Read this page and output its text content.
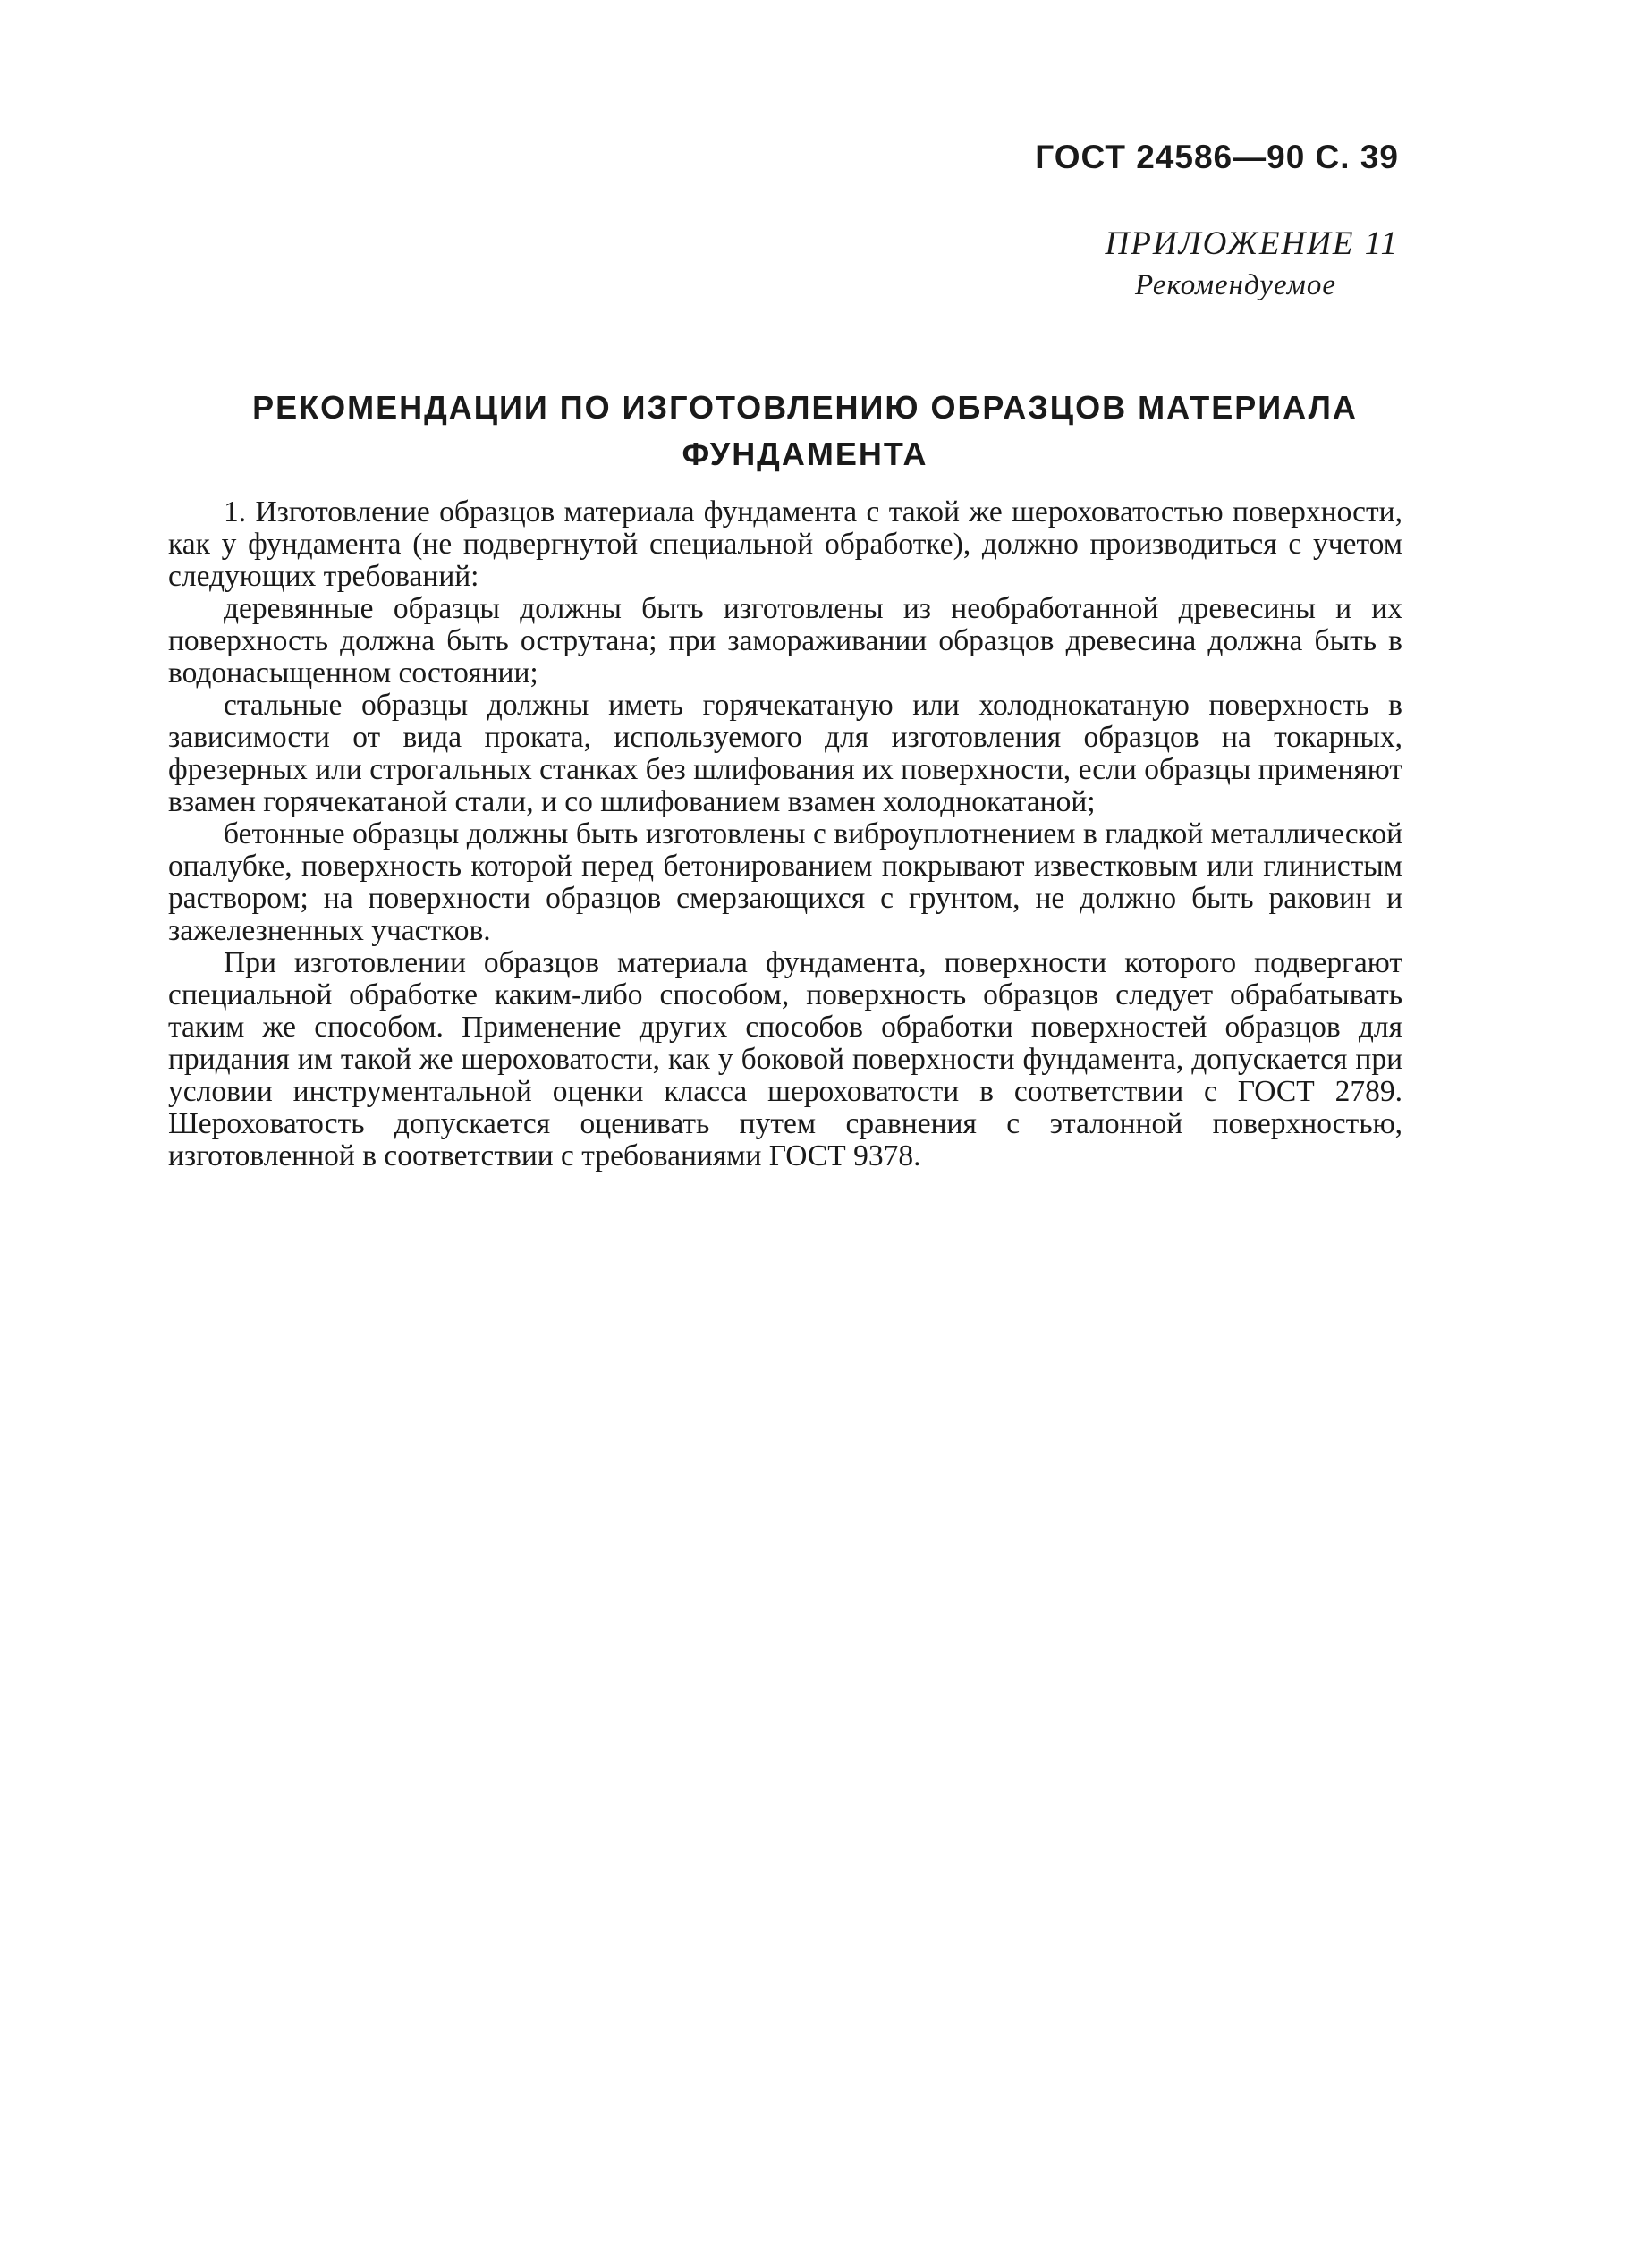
ГОСТ 24586—90 С. 39
ПРИЛОЖЕНИЕ 11
Рекомендуемое
РЕКОМЕНДАЦИИ ПО ИЗГОТОВЛЕНИЮ ОБРАЗЦОВ МАТЕРИАЛА
ФУНДАМЕНТА

1. Изготовление образцов материала фундамента с такой же шероховатостью поверхности, как у фундамента (не подвергнутой специальной обработке), должно производиться с учетом следующих требований:

деревянные образцы должны быть изготовлены из необработанной древесины и их поверхность должна быть острутана; при замораживании образцов древесина должна быть в водонасыщенном состоянии;

стальные образцы должны иметь горячекатаную или холоднокатаную поверхность в зависимости от вида проката, используемого для изготовления образцов на токарных, фрезерных или строгальных станках без шлифования их поверхности, если образцы применяют взамен горячекатаной стали, и со шлифованием взамен холоднокатаной;

бетонные образцы должны быть изготовлены с виброуплотнением в гладкой металлической опалубке, поверхность которой перед бетонированием покрывают известковым или глинистым раствором; на поверхности образцов смерзающихся с грунтом, не должно быть раковин и зажелезненных участков.

При изготовлении образцов материала фундамента, поверхности которого подвергают специальной обработке каким-либо способом, поверхность образцов следует обрабатывать таким же способом. Применение других способов обработки поверхностей образцов для придания им такой же шероховатости, как у боковой поверхности фундамента, допускается при условии инструментальной оценки класса шероховатости в соответствии с ГОСТ 2789. Шероховатость допускается оценивать путем сравнения с эталонной поверхностью, изготовленной в соответствии с требованиями ГОСТ 9378.
